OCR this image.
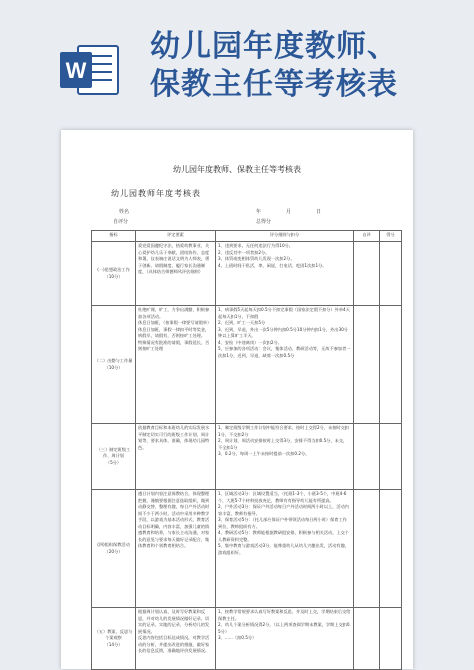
W
幼儿园年度教师、
保教主任等考核表
幼儿园年度教师、保教主任等考核表
幼儿园教师年度考核表
姓名
自评分
年	月	日
总得分
指标	评定要素	评分细则与扣分	自评	得分

(一)思想政治工作
（10分）	爱党爱国遵纪守法，热爱幼教事业，关心爱护幼儿乐于奉献，团结协作，态度和蔼，仪表端庄说话文明为人师表，勇于创新。请假制度，履行家长沟通制度，（具体结合师德师风评估细则）	1、违到要求，无任何违法行为得10分。
2、违反其中一项者扣2分。
3、体罚或变相体罚幼儿发现一次扣2分。
4、上班时间干私活，串，闲说，打电话、吃固1次扣1分。		

（二）出勤与工作量（10分）	杜绝旷课，旷工，力争出满勤，积极参加各项活动。
休息日加班，（按事假一律要写请假单）休息日加班，事假一律扣平时等奖金，病假早，请假有，否则按旷工处理。
特殊情况有批准的请假，事假延长，否则按旷工处理	1、病事假5天起每天扣0.5分不扣完事假（国家法定假不扣分）外单4天起每天扣1分，不扣假
2、迟到，旷工一天扣5分
3、迟到，早退，外出一次5分钟内扣0.5分10分钟内扣1分，外出30分钟以上算旷工半天。
4、安检（中途离岗）一次扣2分。
5、应参加的各项活动：会议，集体活动，教研活动等，无故不参加者一次扣1分，迟到，早退，缺席一次扣0.5分		

（三）制定班级工作、周计划
（5分）	依据教育目标和本班幼儿的实际发展水平制定切实可行的班级工作计划、周计划等，要求具体，准确，体现幼儿园特色。	1、制定班级学期工作计划中能符合要求，按时上交得2分，未按时交扣1分，不交扣2分
2、周计划，周活动安排按时上交得3分，安排不得当扣0.5分，未交，不全扣1分
3、0.2分，每周一上午未按时提前一次扣0.2分。		

(四)组织保教活动
（20分）	遵日计划内容注意保教结合，体现整理把握，谨慎要根据注意选取组织，做到动静交替，整理有趣，每日户外活动时间不少于两小时，活动中采用多种教学手段，以游戏为基本活动形式，教育活动目标明确，内容丰富，加强儿童的情感教育和培养，与家长主动沟通，对家长的意见与要求每天做好记录配合，集体教育和个别教育相结合。	1、区域活动3分：区域设置适当，（托班1-3个，小班3-5个，中班4-6个，大班5-7个材料投放充足，教师有有指导幼儿能有所提高。
2、户外活动3分：保证户外活动每日户外活动时间两小时以上，活动内容丰富，教师有指导。
3、保育活动5分：（托儿部应保证户外带领活动每日两小时）保育工作到位，教师组织有方。
4、教研活动5分：教师能根据教研组安排，积极参与相关活动，上交个人教研资料完整。
5、集中教育与游戏活动3分，能尊重幼儿从幼儿兴趣出发，活动有趣，游戏组织好。		

（五）教案、反思与个案观察
（14分）	根据周计划认真，及时写好教案和反思，并对幼儿的发展情况做好记录，切实的记录，实地的记录，分析幼儿的发展情况。
反思内容包括目标达成情况，对教学活动的分析，并提出改进的措施，做好家长的信息反馈，准确地评价发展情况。	1、按教学常规要求认真写好教案和反思，并及时上交，学期结束后交给保教主任。
2、幼儿个案分析情况得2分，（以上两项查阅学期末教案，学期上交扣0.5分）
3、......（扣0.5分）		
